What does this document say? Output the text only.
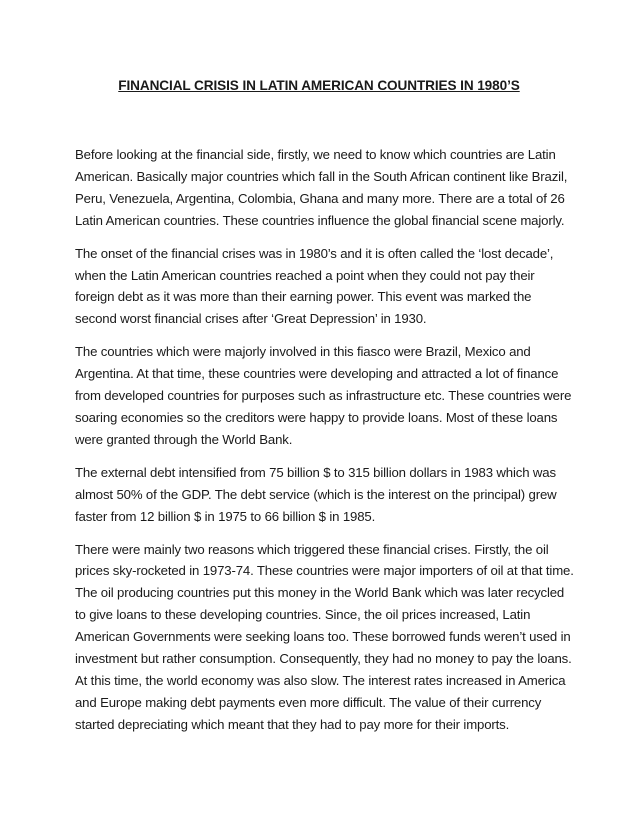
FINANCIAL CRISIS IN LATIN AMERICAN COUNTRIES IN 1980’S

Before looking at the financial side, firstly, we need to know which countries are Latin American. Basically major countries which fall in the South African continent like Brazil, Peru, Venezuela, Argentina, Colombia, Ghana and many more. There are a total of 26 Latin American countries. These countries influence the global financial scene majorly.

The onset of the financial crises was in 1980’s and it is often called the ‘lost decade’, when the Latin American countries reached a point when they could not pay their foreign debt as it was more than their earning power. This event was marked the second worst financial crises after ‘Great Depression’ in 1930.

The countries which were majorly involved in this fiasco were Brazil, Mexico and Argentina. At that time, these countries were developing and attracted a lot of finance from developed countries for purposes such as infrastructure etc. These countries were soaring economies so the creditors were happy to provide loans. Most of these loans were granted through the World Bank.

The external debt intensified from 75 billion $ to 315 billion dollars in 1983 which was almost 50% of the GDP. The debt service (which is the interest on the principal) grew faster from 12 billion $ in 1975 to 66 billion $ in 1985.

There were mainly two reasons which triggered these financial crises. Firstly, the oil prices sky-rocketed in 1973-74. These countries were major importers of oil at that time. The oil producing countries put this money in the World Bank which was later recycled to give loans to these developing countries. Since, the oil prices increased, Latin American Governments were seeking loans too. These borrowed funds weren’t used in investment but rather consumption. Consequently, they had no money to pay the loans. At this time, the world economy was also slow. The interest rates increased in America and Europe making debt payments even more difficult. The value of their currency started depreciating which meant that they had to pay more for their imports.
